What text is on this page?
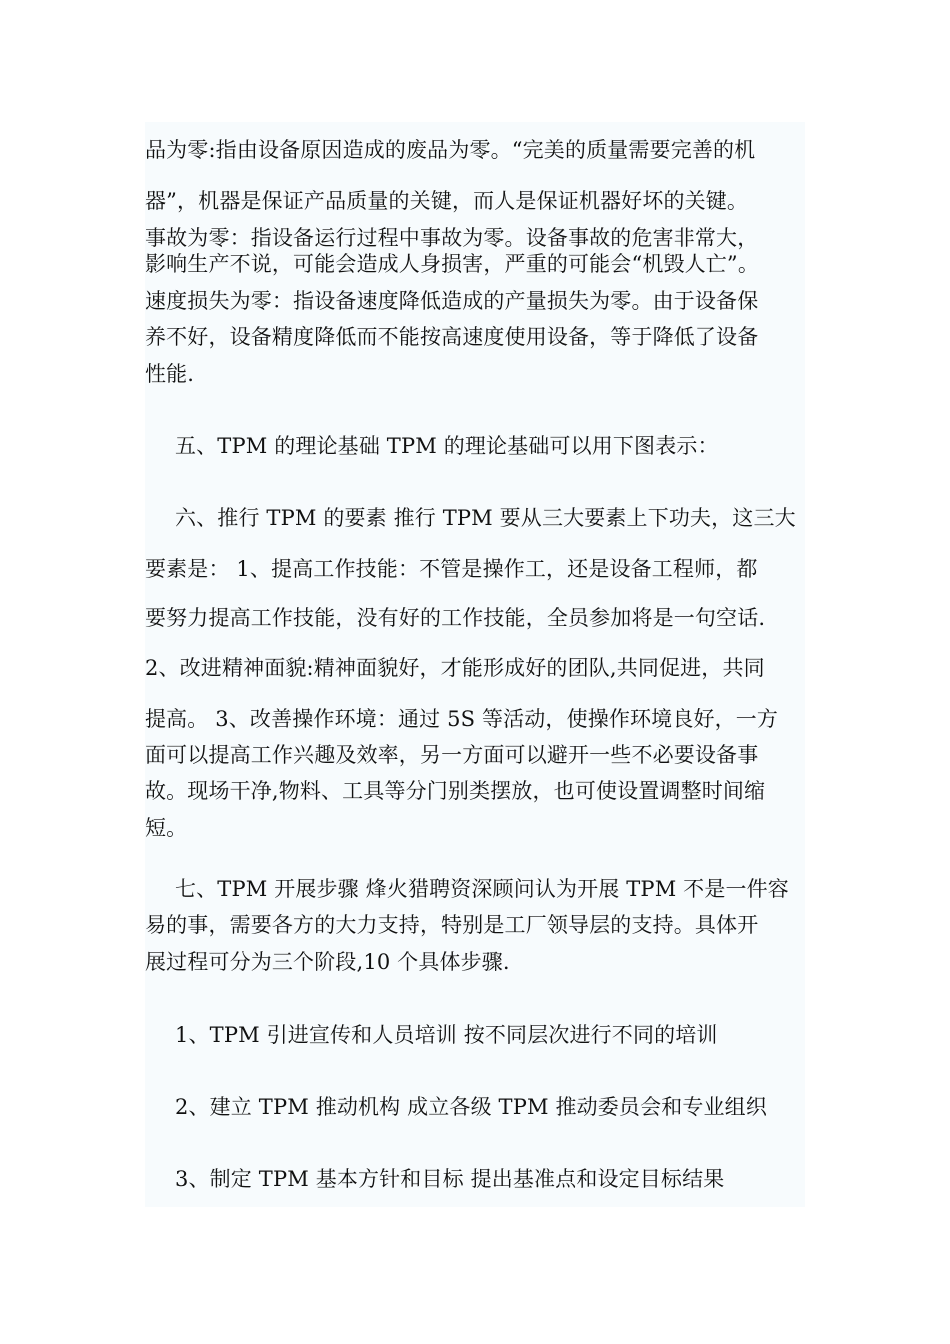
品为零:指由设备原因造成的废品为零。“完美的质量需要完善的机
器”，机器是保证产品质量的关键，而人是保证机器好坏的关键。
事故为零：指设备运行过程中事故为零。设备事故的危害非常大，
影响生产不说，可能会造成人身损害，严重的可能会“机毁人亡”。
速度损失为零：指设备速度降低造成的产量损失为零。由于设备保
养不好，设备精度降低而不能按高速度使用设备，等于降低了设备
性能.
五、TPM 的理论基础 TPM 的理论基础可以用下图表示：
六、推行 TPM 的要素 推行 TPM 要从三大要素上下功夫，这三大
要素是： 1、提高工作技能：不管是操作工，还是设备工程师，都
要努力提高工作技能，没有好的工作技能，全员参加将是一句空话.
2、改进精神面貌:精神面貌好，才能形成好的团队,共同促进，共同
提高。 3、改善操作环境：通过 5S 等活动，使操作环境良好，一方
面可以提高工作兴趣及效率，另一方面可以避开一些不必要设备事
故。现场干净,物料、工具等分门别类摆放，也可使设置调整时间缩
短。
七、TPM 开展步骤 烽火猎聘资深顾问认为开展 TPM 不是一件容
易的事，需要各方的大力支持，特别是工厂领导层的支持。具体开
展过程可分为三个阶段,10 个具体步骤.
1、TPM 引进宣传和人员培训 按不同层次进行不同的培训
2、建立 TPM 推动机构 成立各级 TPM 推动委员会和专业组织
3、制定 TPM 基本方针和目标 提出基准点和设定目标结果
